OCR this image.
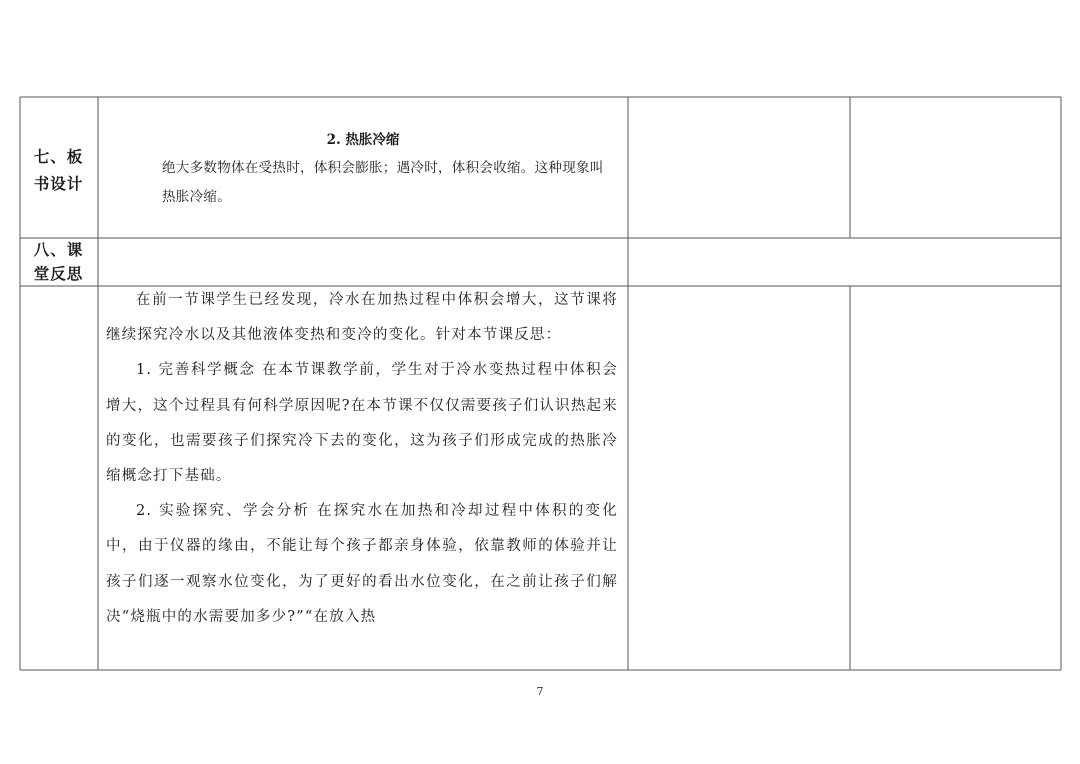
七、板
书设计
2. 热胀冷缩
绝大多数物体在受热时，体积会膨胀；遇冷时，体积会收缩。这种现象叫热胀冷缩。
八、课
堂反思

在前一节课学生已经发现，冷水在加热过程中体积会增大，这节课将继续探究冷水以及其他液体变热和变冷的变化。针对本节课反思：

1. 完善科学概念 在本节课教学前，学生对于冷水变热过程中体积会增大，这个过程具有何科学原因呢?在本节课不仅仅需要孩子们认识热起来的变化，也需要孩子们探究冷下去的变化，这为孩子们形成完成的热胀冷缩概念打下基础。

2. 实验探究、学会分析 在探究水在加热和冷却过程中体积的变化中，由于仪器的缘由，不能让每个孩子都亲身体验，依靠教师的体验并让孩子们逐一观察水位变化，为了更好的看出水位变化，在之前让孩子们解决“烧瓶中的水需要加多少?”“在放入热

7
